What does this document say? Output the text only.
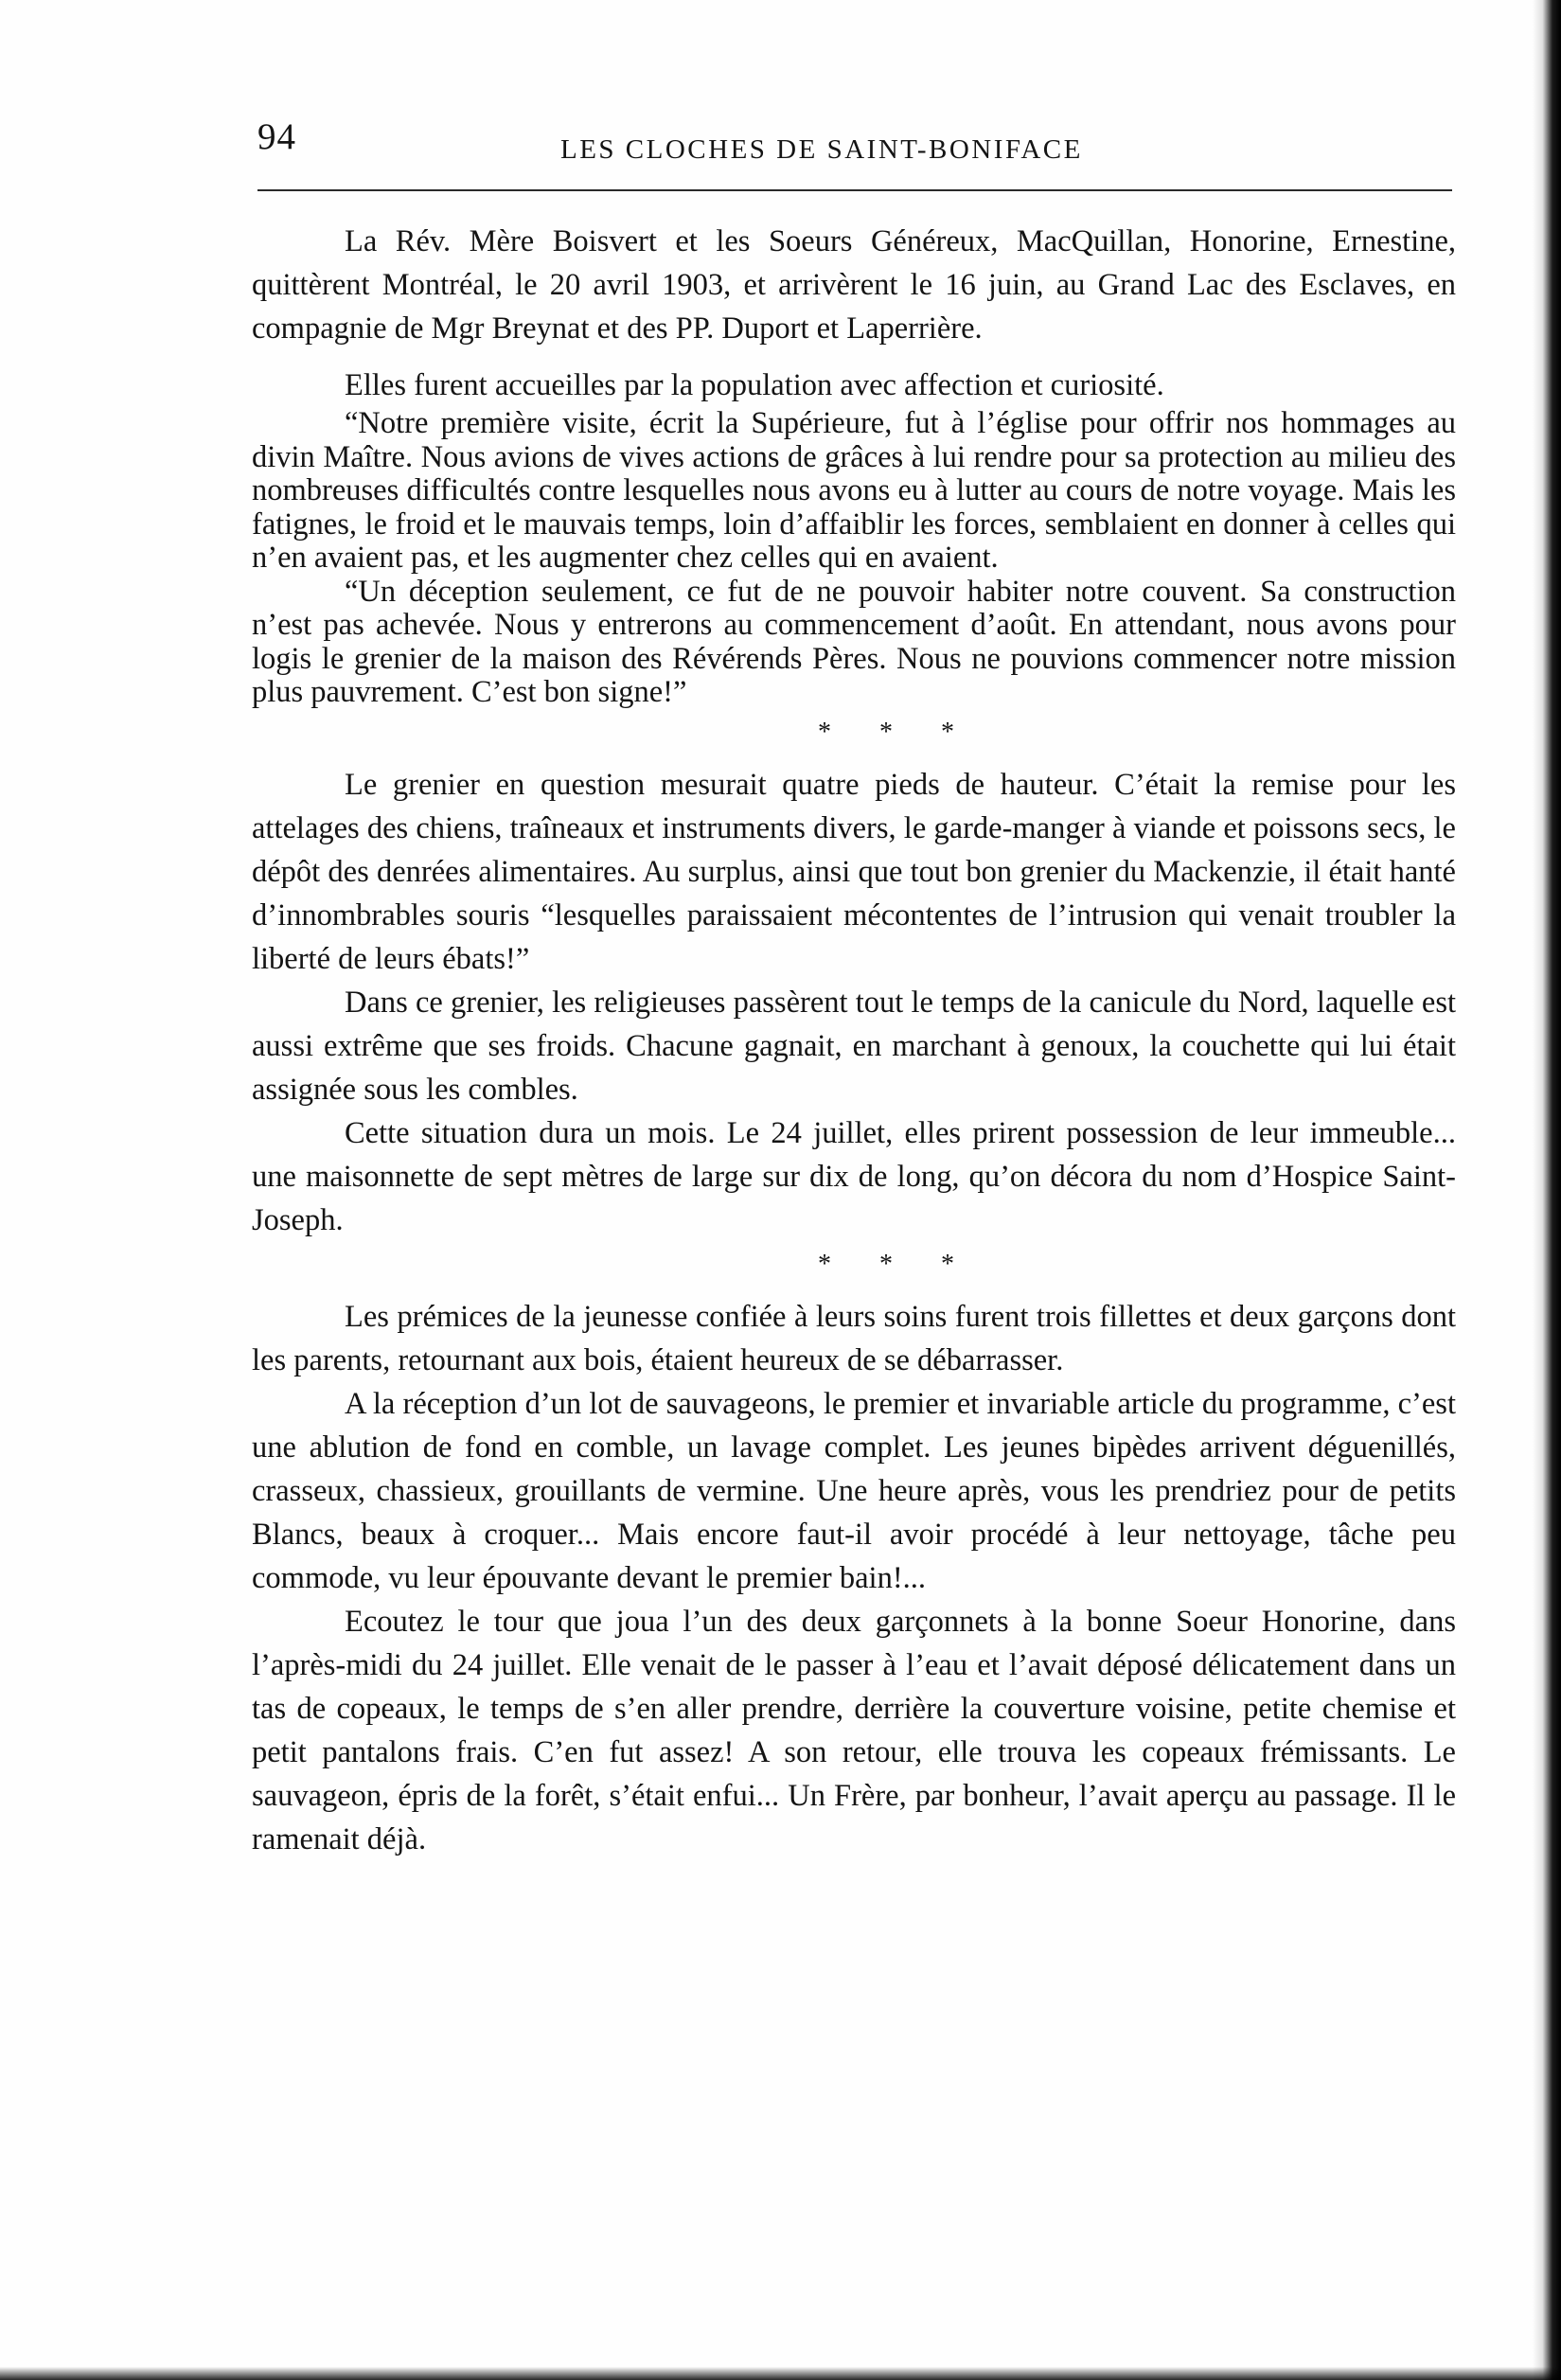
94	LES CLOCHES DE SAINT-BONIFACE

La Rév. Mère Boisvert et les Soeurs Généreux, MacQuillan, Honorine, Ernestine, quittèrent Montréal, le 20 avril 1903, et arrivèrent le 16 juin, au Grand Lac des Esclaves, en compagnie de Mgr Breynat et des PP. Duport et Laperrière.

Elles furent accueilles par la population avec affection et curiosité.

“Notre première visite, écrit la Supérieure, fut à l’église pour offrir nos hommages au divin Maître. Nous avions de vives actions de grâces à lui rendre pour sa protection au milieu des nombreuses difficultés contre lesquelles nous avons eu à lutter au cours de notre voyage. Mais les fatignes, le froid et le mauvais temps, loin d’affaiblir les forces, semblaient en donner à celles qui n’en avaient pas, et les augmenter chez celles qui en avaient.

“Un déception seulement, ce fut de ne pouvoir habiter notre couvent. Sa construction n’est pas achevée. Nous y entrerons au commencement d’août. En attendant, nous avons pour logis le grenier de la maison des Révérends Pères. Nous ne pouvions commencer notre mission plus pauvrement. C’est bon signe!”

* * *

Le grenier en question mesurait quatre pieds de hauteur. C’était la remise pour les attelages des chiens, traîneaux et instruments divers, le garde-manger à viande et poissons secs, le dépôt des denrées alimentaires. Au surplus, ainsi que tout bon grenier du Mackenzie, il était hanté d’innombrables souris “lesquelles paraissaient mécontentes de l’intrusion qui venait troubler la liberté de leurs ébats!”

Dans ce grenier, les religieuses passèrent tout le temps de la canicule du Nord, laquelle est aussi extrême que ses froids. Chacune gagnait, en marchant à genoux, la couchette qui lui était assignée sous les combles.

Cette situation dura un mois. Le 24 juillet, elles prirent possession de leur immeuble... une maisonnette de sept mètres de large sur dix de long, qu’on décora du nom d’Hospice Saint-Joseph.

* * *

Les prémices de la jeunesse confiée à leurs soins furent trois fillettes et deux garçons dont les parents, retournant aux bois, étaient heureux de se débarrasser.

A la réception d’un lot de sauvageons, le premier et invariable article du programme, c’est une ablution de fond en comble, un lavage complet. Les jeunes bipèdes arrivent déguenillés, crasseux, chassieux, grouillants de vermine. Une heure après, vous les prendriez pour de petits Blancs, beaux à croquer... Mais encore faut-il avoir procédé à leur nettoyage, tâche peu commode, vu leur épouvante devant le premier bain!...

Ecoutez le tour que joua l’un des deux garçonnets à la bonne Soeur Honorine, dans l’après-midi du 24 juillet. Elle venait de le passer à l’eau et l’avait déposé délicatement dans un tas de copeaux, le temps de s’en aller prendre, derrière la couverture voisine, petite chemise et petit pantalons frais. C’en fut assez! A son retour, elle trouva les copeaux frémissants. Le sauvageon, épris de la forêt, s’était enfui... Un Frère, par bonheur, l’avait aperçu au passage. Il le ramenait déjà.
